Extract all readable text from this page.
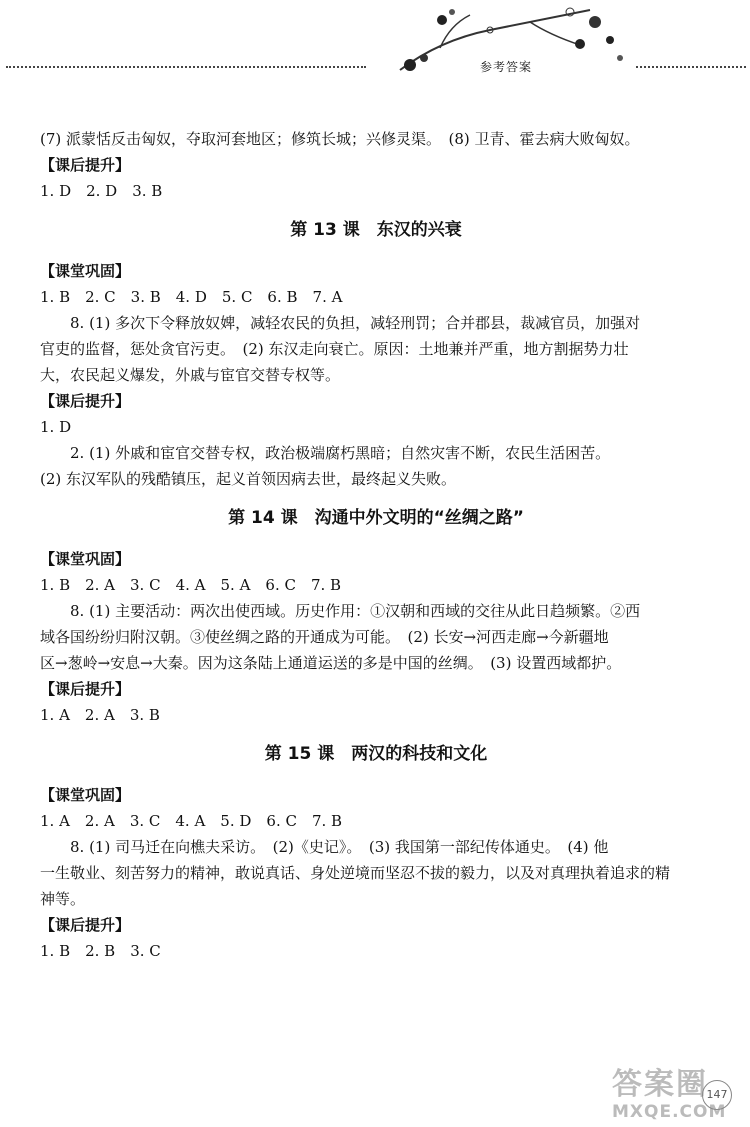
参考答案
(7) 派蒙恬反击匈奴，夺取河套地区；修筑长城；兴修灵渠。　(8) 卫青、霍去病大败匈奴。
【课后提升】
1. D　2. D　3. B
第 13 课　东汉的兴衰
【课堂巩固】
1. B　2. C　3. B　4. D　5. C　6. B　7. A
8. (1) 多次下令释放奴婢，减轻农民的负担，减轻刑罚；合并郡县，裁减官员，加强对
官吏的监督，惩处贪官污吏。　(2) 东汉走向衰亡。原因：土地兼并严重，地方割据势力壮
大，农民起义爆发，外戚与宦官交替专权等。
【课后提升】
1. D
2. (1) 外戚和宦官交替专权，政治极端腐朽黑暗；自然灾害不断，农民生活困苦。
(2) 东汉军队的残酷镇压，起义首领因病去世，最终起义失败。
第 14 课　沟通中外文明的“丝绸之路”
【课堂巩固】
1. B　2. A　3. C　4. A　5. A　6. C　7. B
8. (1) 主要活动：两次出使西域。历史作用：①汉朝和西域的交往从此日趋频繁。②西
域各国纷纷归附汉朝。③使丝绸之路的开通成为可能。　(2) 长安→河西走廊→今新疆地
区→葱岭→安息→大秦。因为这条陆上通道运送的多是中国的丝绸。　(3) 设置西域都护。
【课后提升】
1. A　2. A　3. B
第 15 课　两汉的科技和文化
【课堂巩固】
1. A　2. A　3. C　4. A　5. D　6. C　7. B
8. (1) 司马迁在向樵夫采访。　(2)《史记》。　(3) 我国第一部纪传体通史。　(4) 他
一生敬业、刻苦努力的精神，敢说真话、身处逆境而坚忍不拔的毅力，以及对真理执着追求的精
神等。
【课后提升】
1. B　2. B　3. C
答案圈
MXQE.COM
147
